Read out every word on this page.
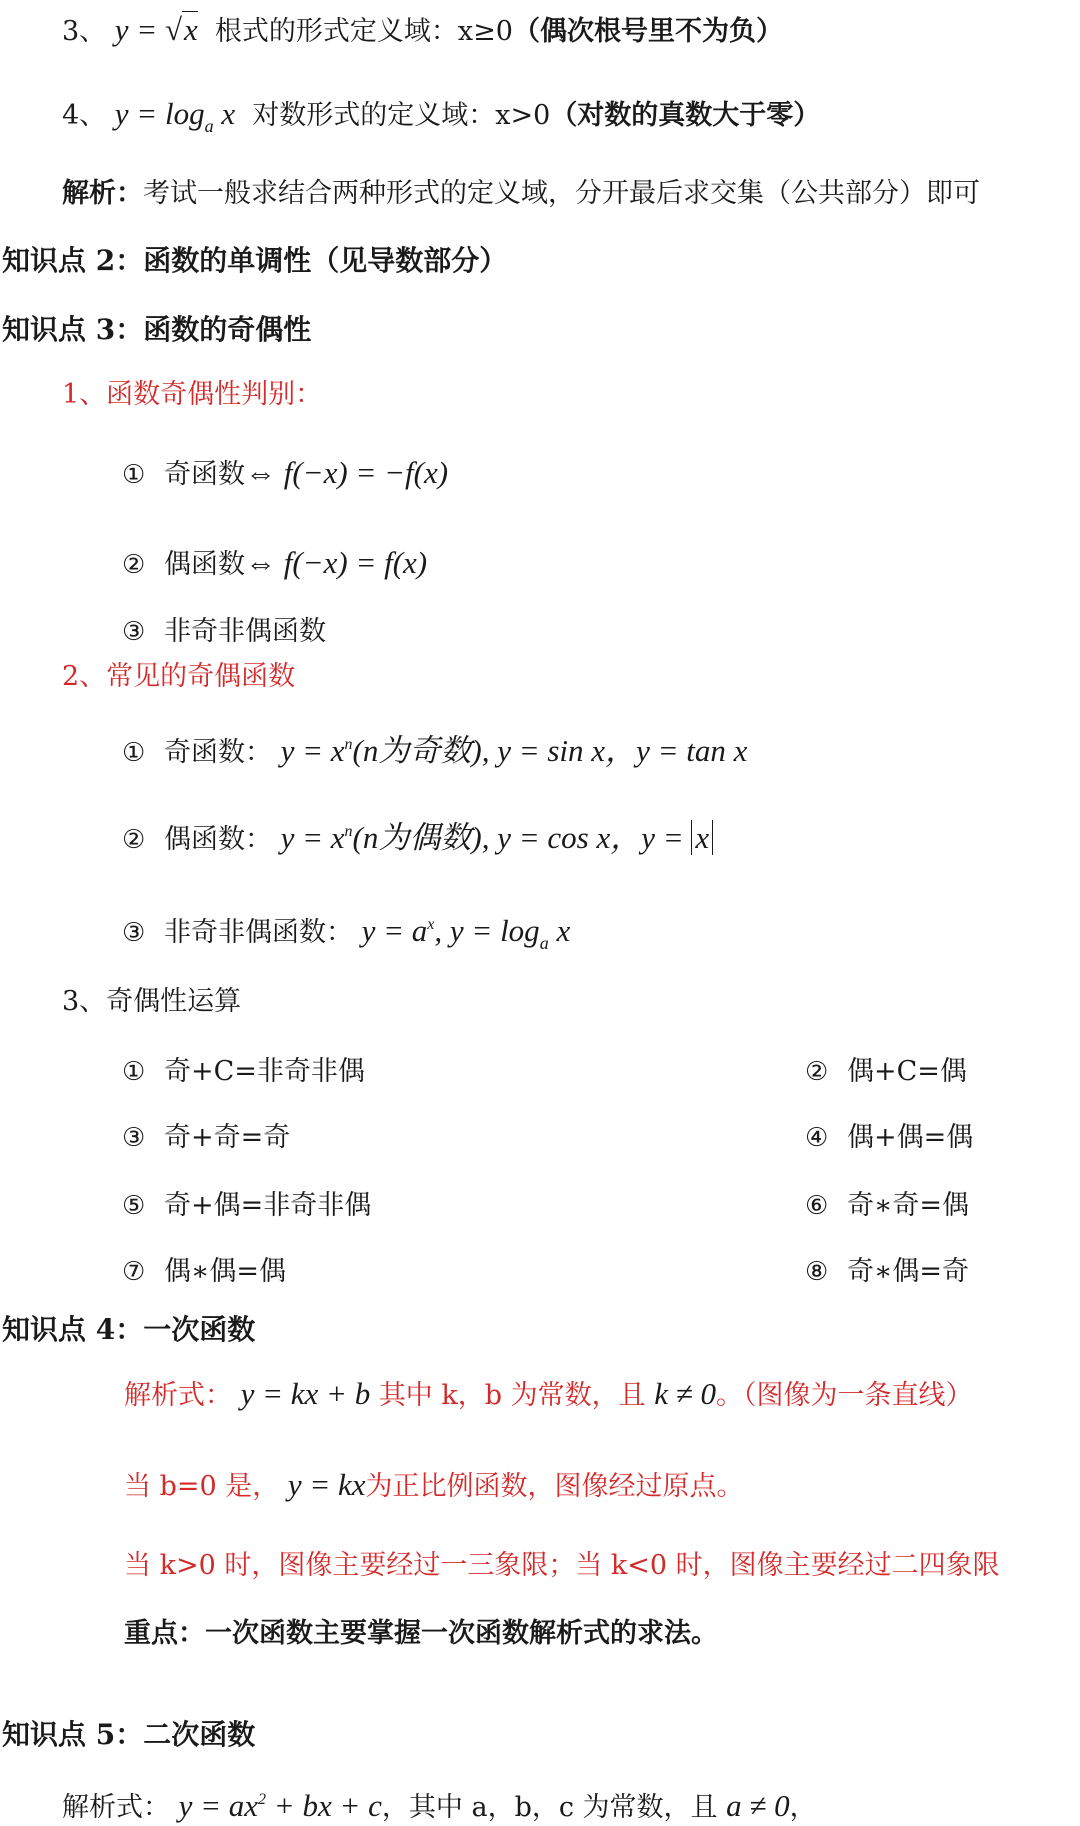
3、 y = √x 根式的形式定义域：x≥0（偶次根号里不为负）
4、 $y = \log_a x$ 对数形式的定义域：x>0（对数的真数大于零）
解析：考试一般求结合两种形式的定义域，分开最后求交集（公共部分）即可
知识点 2：函数的单调性（见导数部分）
知识点 3：函数的奇偶性
1、函数奇偶性判别：
① 奇函数⇔ f(−x) = −f(x)
② 偶函数⇔ f(−x) = f(x)
③ 非奇非偶函数
2、常见的奇偶函数
① 奇函数： $y = x^n(n$为奇数), y = sin x，y = tan x
② 偶函数： $y = x^n(n$为偶数), y = cos x，y = x
③ 非奇非偶函数： $y = a^x$, $y = \log_a x$
3、奇偶性运算
① 奇+C=非奇非偶	② 偶+C=偶
③ 奇+奇=奇	④ 偶+偶=偶
⑤ 奇+偶=非奇非偶	⑥ 奇∗奇=偶
⑦ 偶∗偶=偶	⑧ 奇∗偶=奇
知识点 4：一次函数
解析式： y = kx + b 其中 k，b 为常数，且 k ≠ 0。（图像为一条直线）
当 b=0 是， y = kx为正比例函数，图像经过原点。
当 k>0 时，图像主要经过一三象限；当 k<0 时，图像主要经过二四象限
重点：一次函数主要掌握一次函数解析式的求法。
知识点 5：二次函数
解析式： $y = ax^2$ + bx + c，其中 a，b，c 为常数，且 a ≠ 0，
